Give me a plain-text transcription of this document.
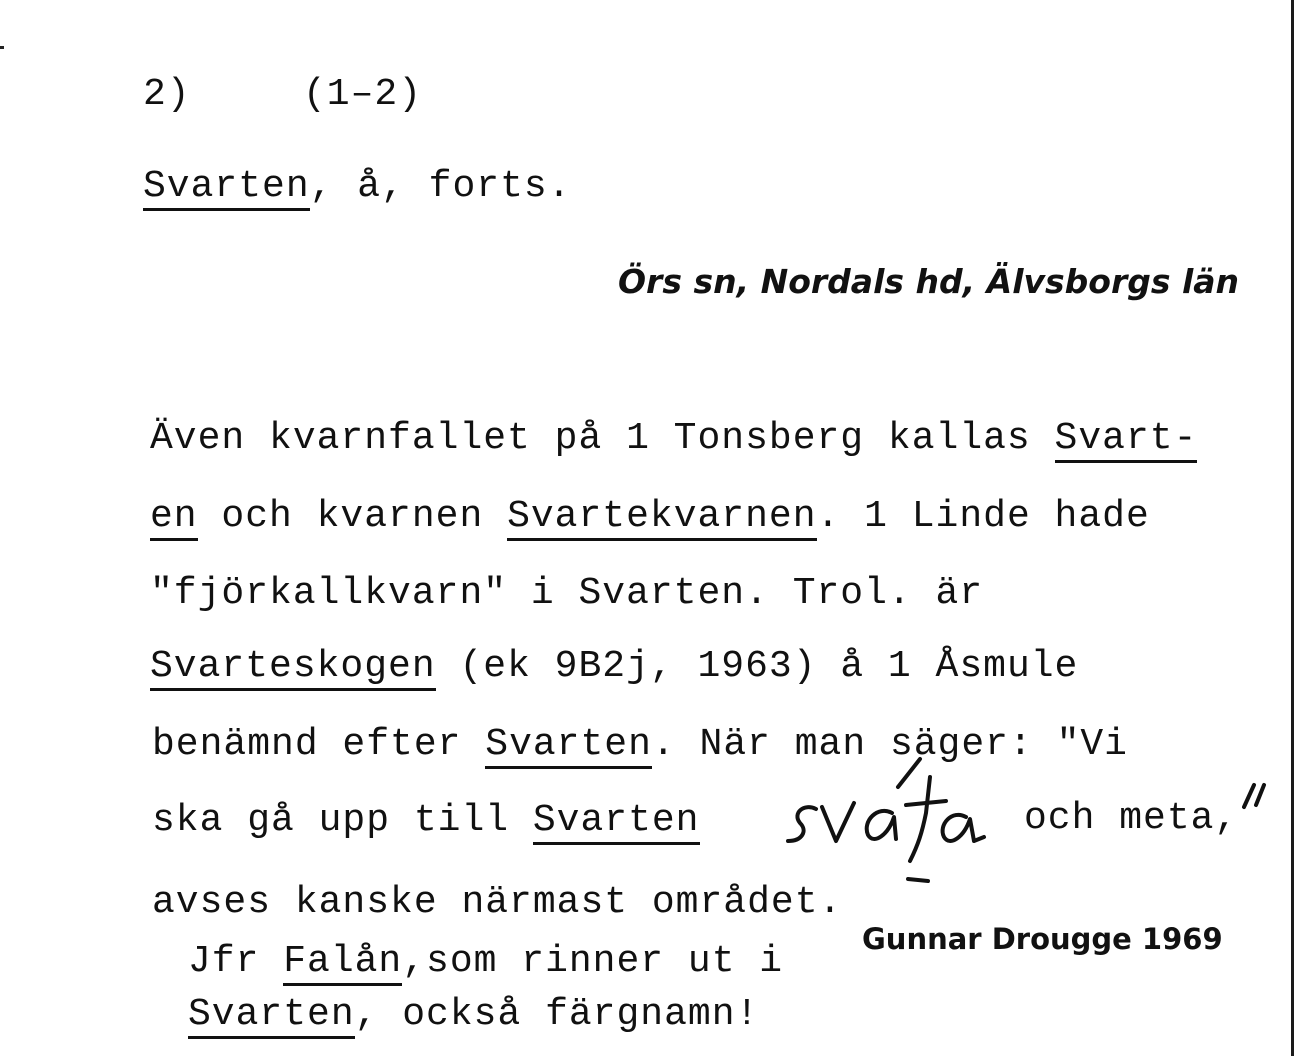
2)	(1–2)
Svarten, å, forts.
Örs sn, Nordals hd, Älvsborgs län
Även kvarnfallet på 1 Tonsberg kallas Svart-
en och kvarnen Svartekvarnen. 1 Linde hade
"fjörkallkvarn" i Svarten. Trol. är
Svarteskogen (ek 9B2j, 1963) å 1 Åsmule
benämnd efter Svarten. När man säger: "Vi
ska gå upp till Svarten	och meta,
avses kanske närmast området.
Gunnar Drougge 1969
Jfr Falån,som rinner ut i
Svarten, också färgnamn!
